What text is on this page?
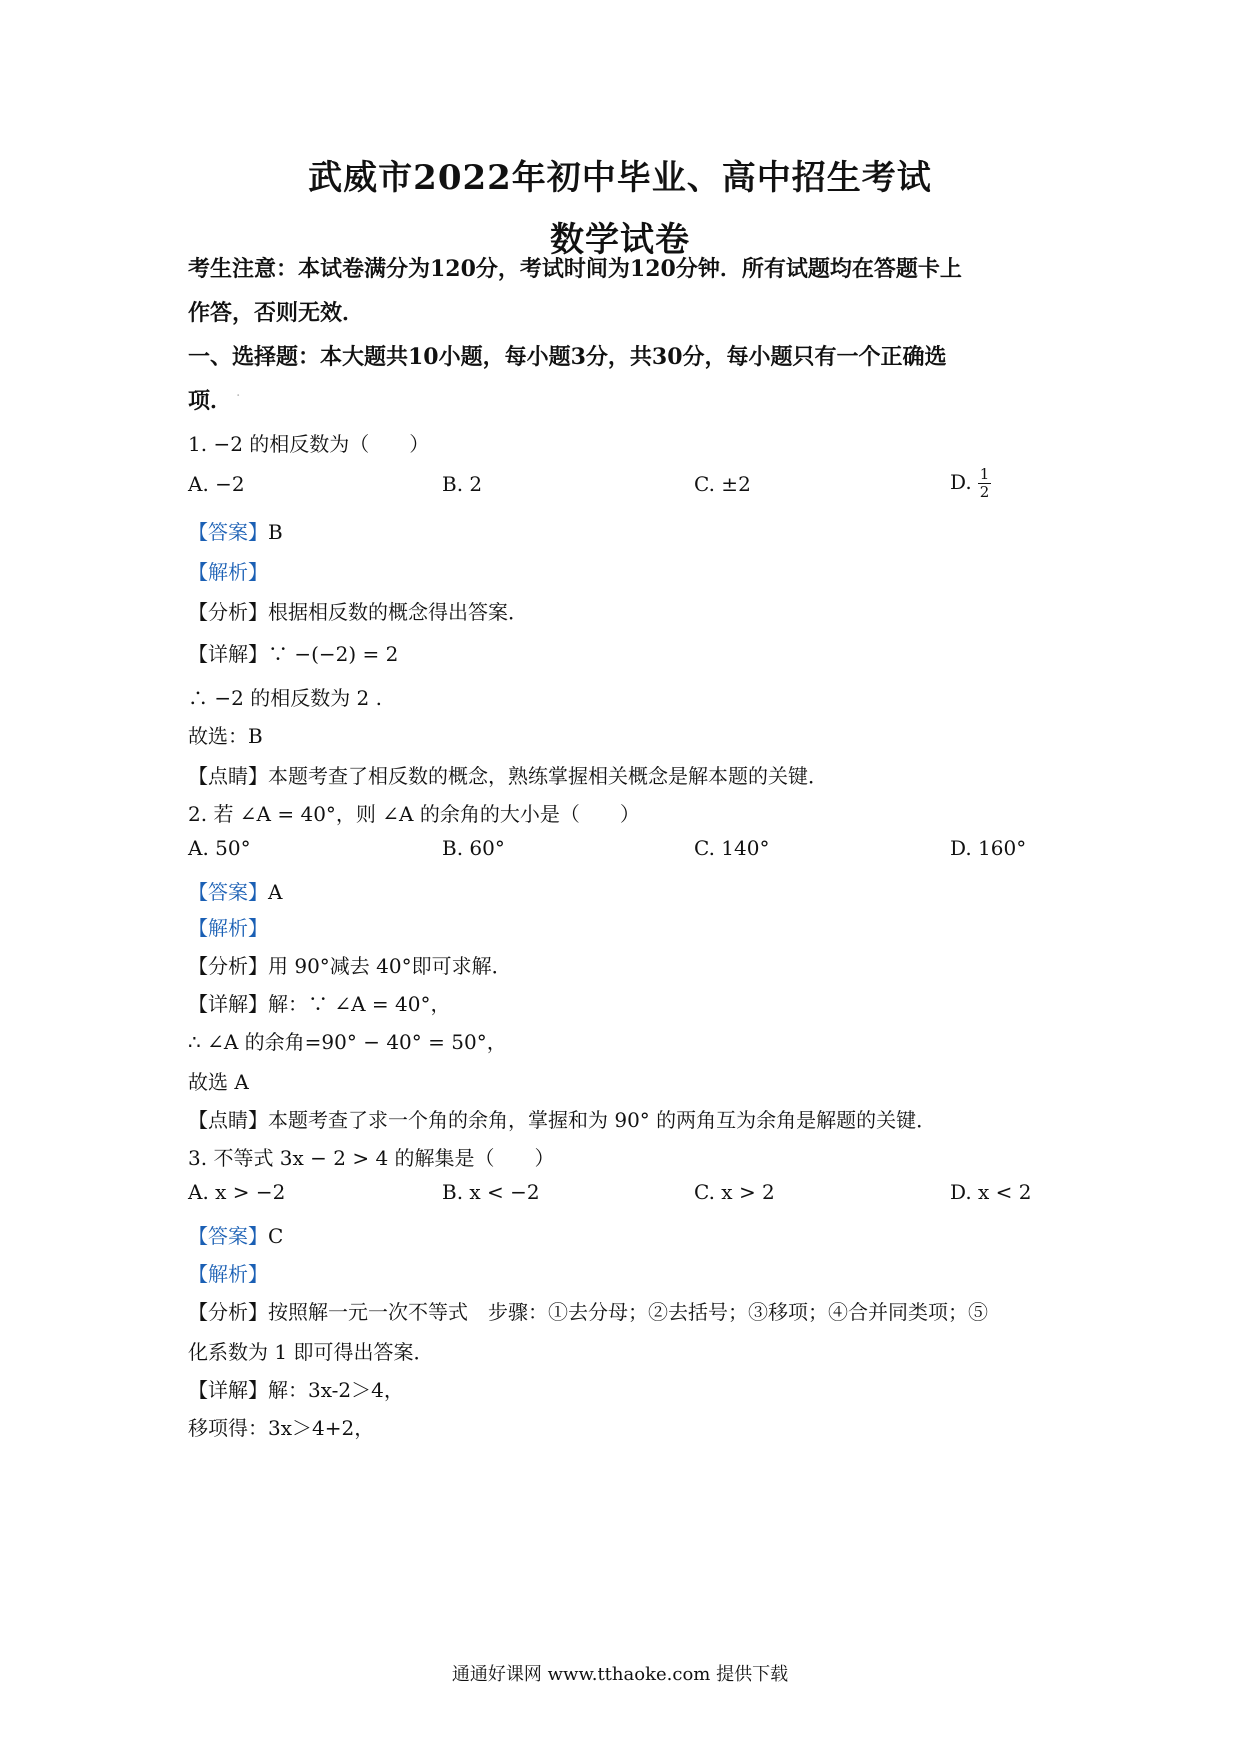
武威市2022年初中毕业、高中招生考试
数学试卷
考生注意：本试卷满分为120分，考试时间为120分钟．所有试题均在答题卡上
作答，否则无效．
一、选择题：本大题共10小题，每小题3分，共30分，每小题只有一个正确选
项． ·
1. −2 的相反数为（　　）
A. −2	B. 2	C. ±2	D. $\frac{1}{2}$
【答案】B
【解析】
【分析】根据相反数的概念得出答案．
【详解】∵ −(−2) = 2
∴ −2 的相反数为 2 .
故选：B
【点睛】本题考查了相反数的概念，熟练掌握相关概念是解本题的关键．
2. 若 ∠A = 40°，则 ∠A 的余角的大小是（　　）
A. 50°	B. 60°	C. 140°	D. 160°
【答案】A
【解析】
【分析】用 90°减去 40°即可求解．
【详解】解：∵ ∠A = 40°，
∴ ∠A 的余角=90° − 40° = 50°，
故选 A
【点睛】本题考查了求一个角的余角，掌握和为 90° 的两角互为余角是解题的关键．
3. 不等式 3x − 2 > 4 的解集是（　　）
A. x > −2	B. x < −2	C. x > 2	D. x < 2
【答案】C
【解析】
【分析】按照解一元一次不等式　步骤：①去分母；②去括号；③移项；④合并同类项；⑤
化系数为 1 即可得出答案．
【详解】解：3x-2＞4，
移项得：3x＞4+2，
通通好课网 www.tthaoke.com 提供下载
